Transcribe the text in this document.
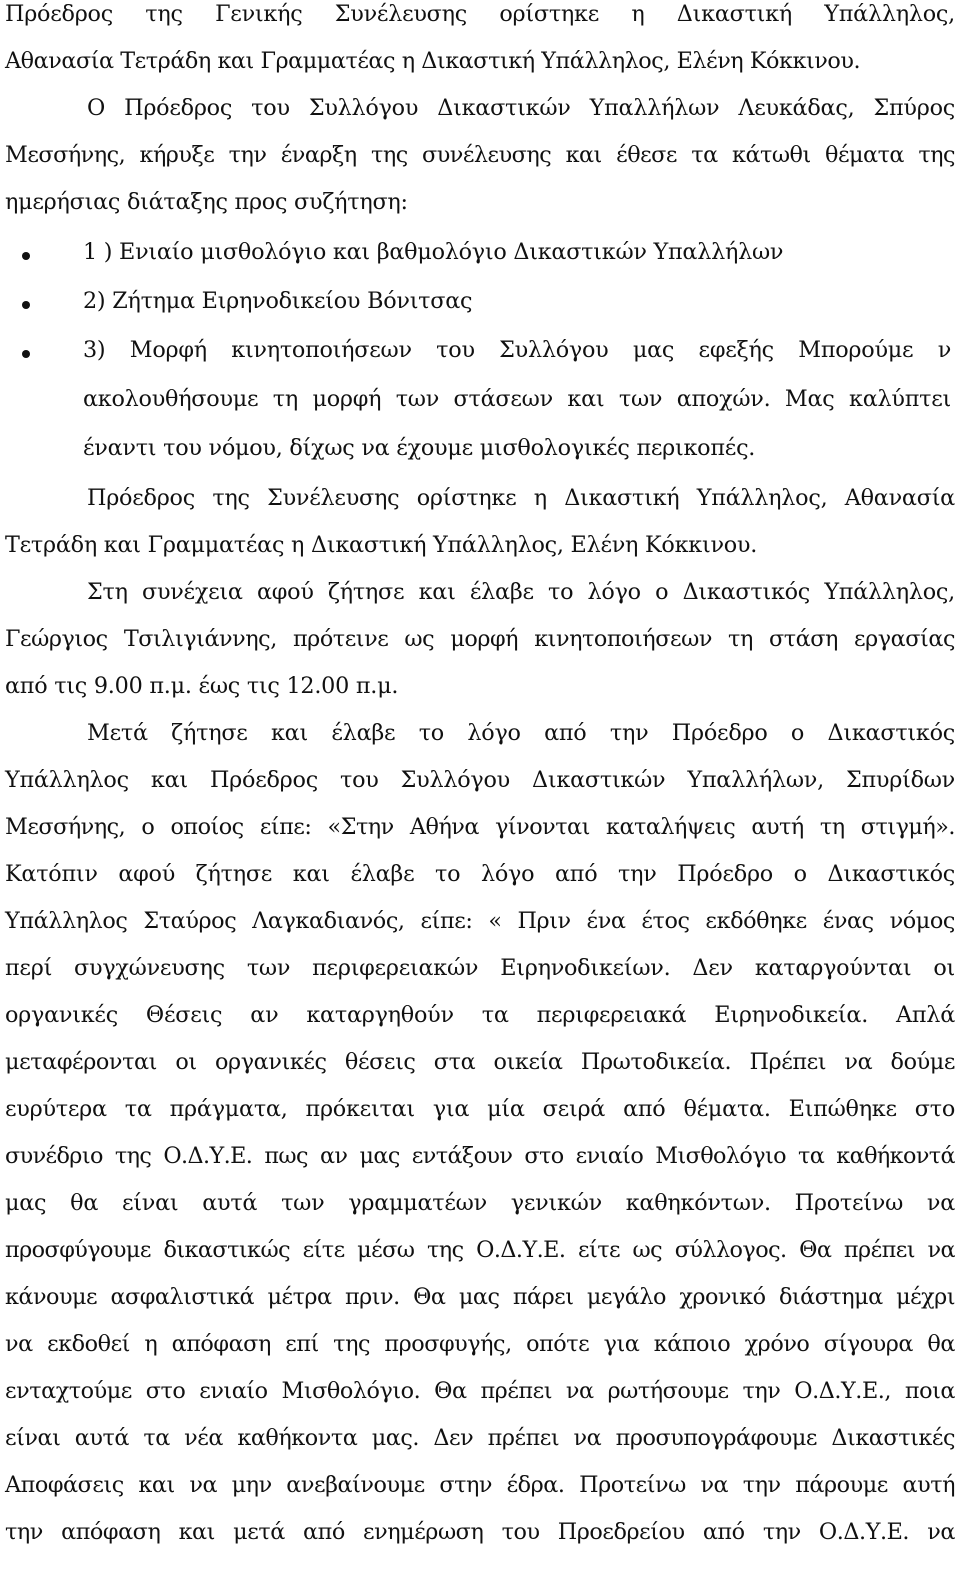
Πρόεδρος της Γενικής Συνέλευσης ορίστηκε η Δικαστική Υπάλληλος,
Αθανασία Τετράδη και Γραμματέας η Δικαστική Υπάλληλος, Ελένη Κόκκινου.
Ο Πρόεδρος του Συλλόγου Δικαστικών Υπαλλήλων Λευκάδας, Σπύρος
Μεσσήνης, κήρυξε την έναρξη της συνέλευσης και έθεσε τα κάτωθι θέματα της
ημερήσιας διάταξης προς συζήτηση:
1 ) Ενιαίο μισθολόγιο και βαθμολόγιο Δικαστικών Υπαλλήλων
2) Ζήτημα Ειρηνοδικείου Βόνιτσας
3) Μορφή κινητοποιήσεων του Συλλόγου μας εφεξής Μπορούμε ν
ακολουθήσουμε τη μορφή των στάσεων και των αποχών. Μας καλύπτει
έναντι του νόμου, δίχως να έχουμε μισθολογικές περικοπές.
Πρόεδρος της Συνέλευσης ορίστηκε η Δικαστική Υπάλληλος, Αθανασία
Τετράδη και Γραμματέας η Δικαστική Υπάλληλος, Ελένη Κόκκινου.
Στη συνέχεια αφού ζήτησε και έλαβε το λόγο ο Δικαστικός Υπάλληλος,
Γεώργιος Τσιλιγιάννης, πρότεινε ως μορφή κινητοποιήσεων τη στάση εργασίας
από τις 9.00 π.μ. έως τις 12.00 π.μ.
Μετά ζήτησε και έλαβε το λόγο από την Πρόεδρο ο Δικαστικός
Υπάλληλος και Πρόεδρος του Συλλόγου Δικαστικών Υπαλλήλων, Σπυρίδων
Μεσσήνης, ο οποίος είπε: «Στην Αθήνα γίνονται καταλήψεις αυτή τη στιγμή».
Κατόπιν αφού ζήτησε και έλαβε το λόγο από την Πρόεδρο ο Δικαστικός
Υπάλληλος Σταύρος Λαγκαδιανός, είπε: « Πριν ένα έτος εκδόθηκε ένας νόμος
περί συγχώνευσης των περιφερειακών Ειρηνοδικείων. Δεν καταργούνται οι
οργανικές Θέσεις αν καταργηθούν τα περιφερειακά Ειρηνοδικεία. Απλά
μεταφέρονται οι οργανικές θέσεις στα οικεία Πρωτοδικεία. Πρέπει να δούμε
ευρύτερα τα πράγματα, πρόκειται για μία σειρά από θέματα. Ειπώθηκε στο
συνέδριο της Ο.Δ.Υ.Ε. πως αν μας εντάξουν στο ενιαίο Μισθολόγιο τα καθήκοντά
μας θα είναι αυτά των γραμματέων γενικών καθηκόντων. Προτείνω να
προσφύγουμε δικαστικώς είτε μέσω της Ο.Δ.Υ.Ε. είτε ως σύλλογος. Θα πρέπει να
κάνουμε ασφαλιστικά μέτρα πριν. Θα μας πάρει μεγάλο χρονικό διάστημα μέχρι
να εκδοθεί η απόφαση επί της προσφυγής, οπότε για κάποιο χρόνο σίγουρα θα
ενταχτούμε στο ενιαίο Μισθολόγιο. Θα πρέπει να ρωτήσουμε την Ο.Δ.Υ.Ε., ποια
είναι αυτά τα νέα καθήκοντα μας. Δεν πρέπει να προσυπογράφουμε Δικαστικές
Αποφάσεις και να μην ανεβαίνουμε στην έδρα. Προτείνω να την πάρουμε αυτή
την απόφαση και μετά από ενημέρωση του Προεδρείου από την Ο.Δ.Υ.Ε. να
